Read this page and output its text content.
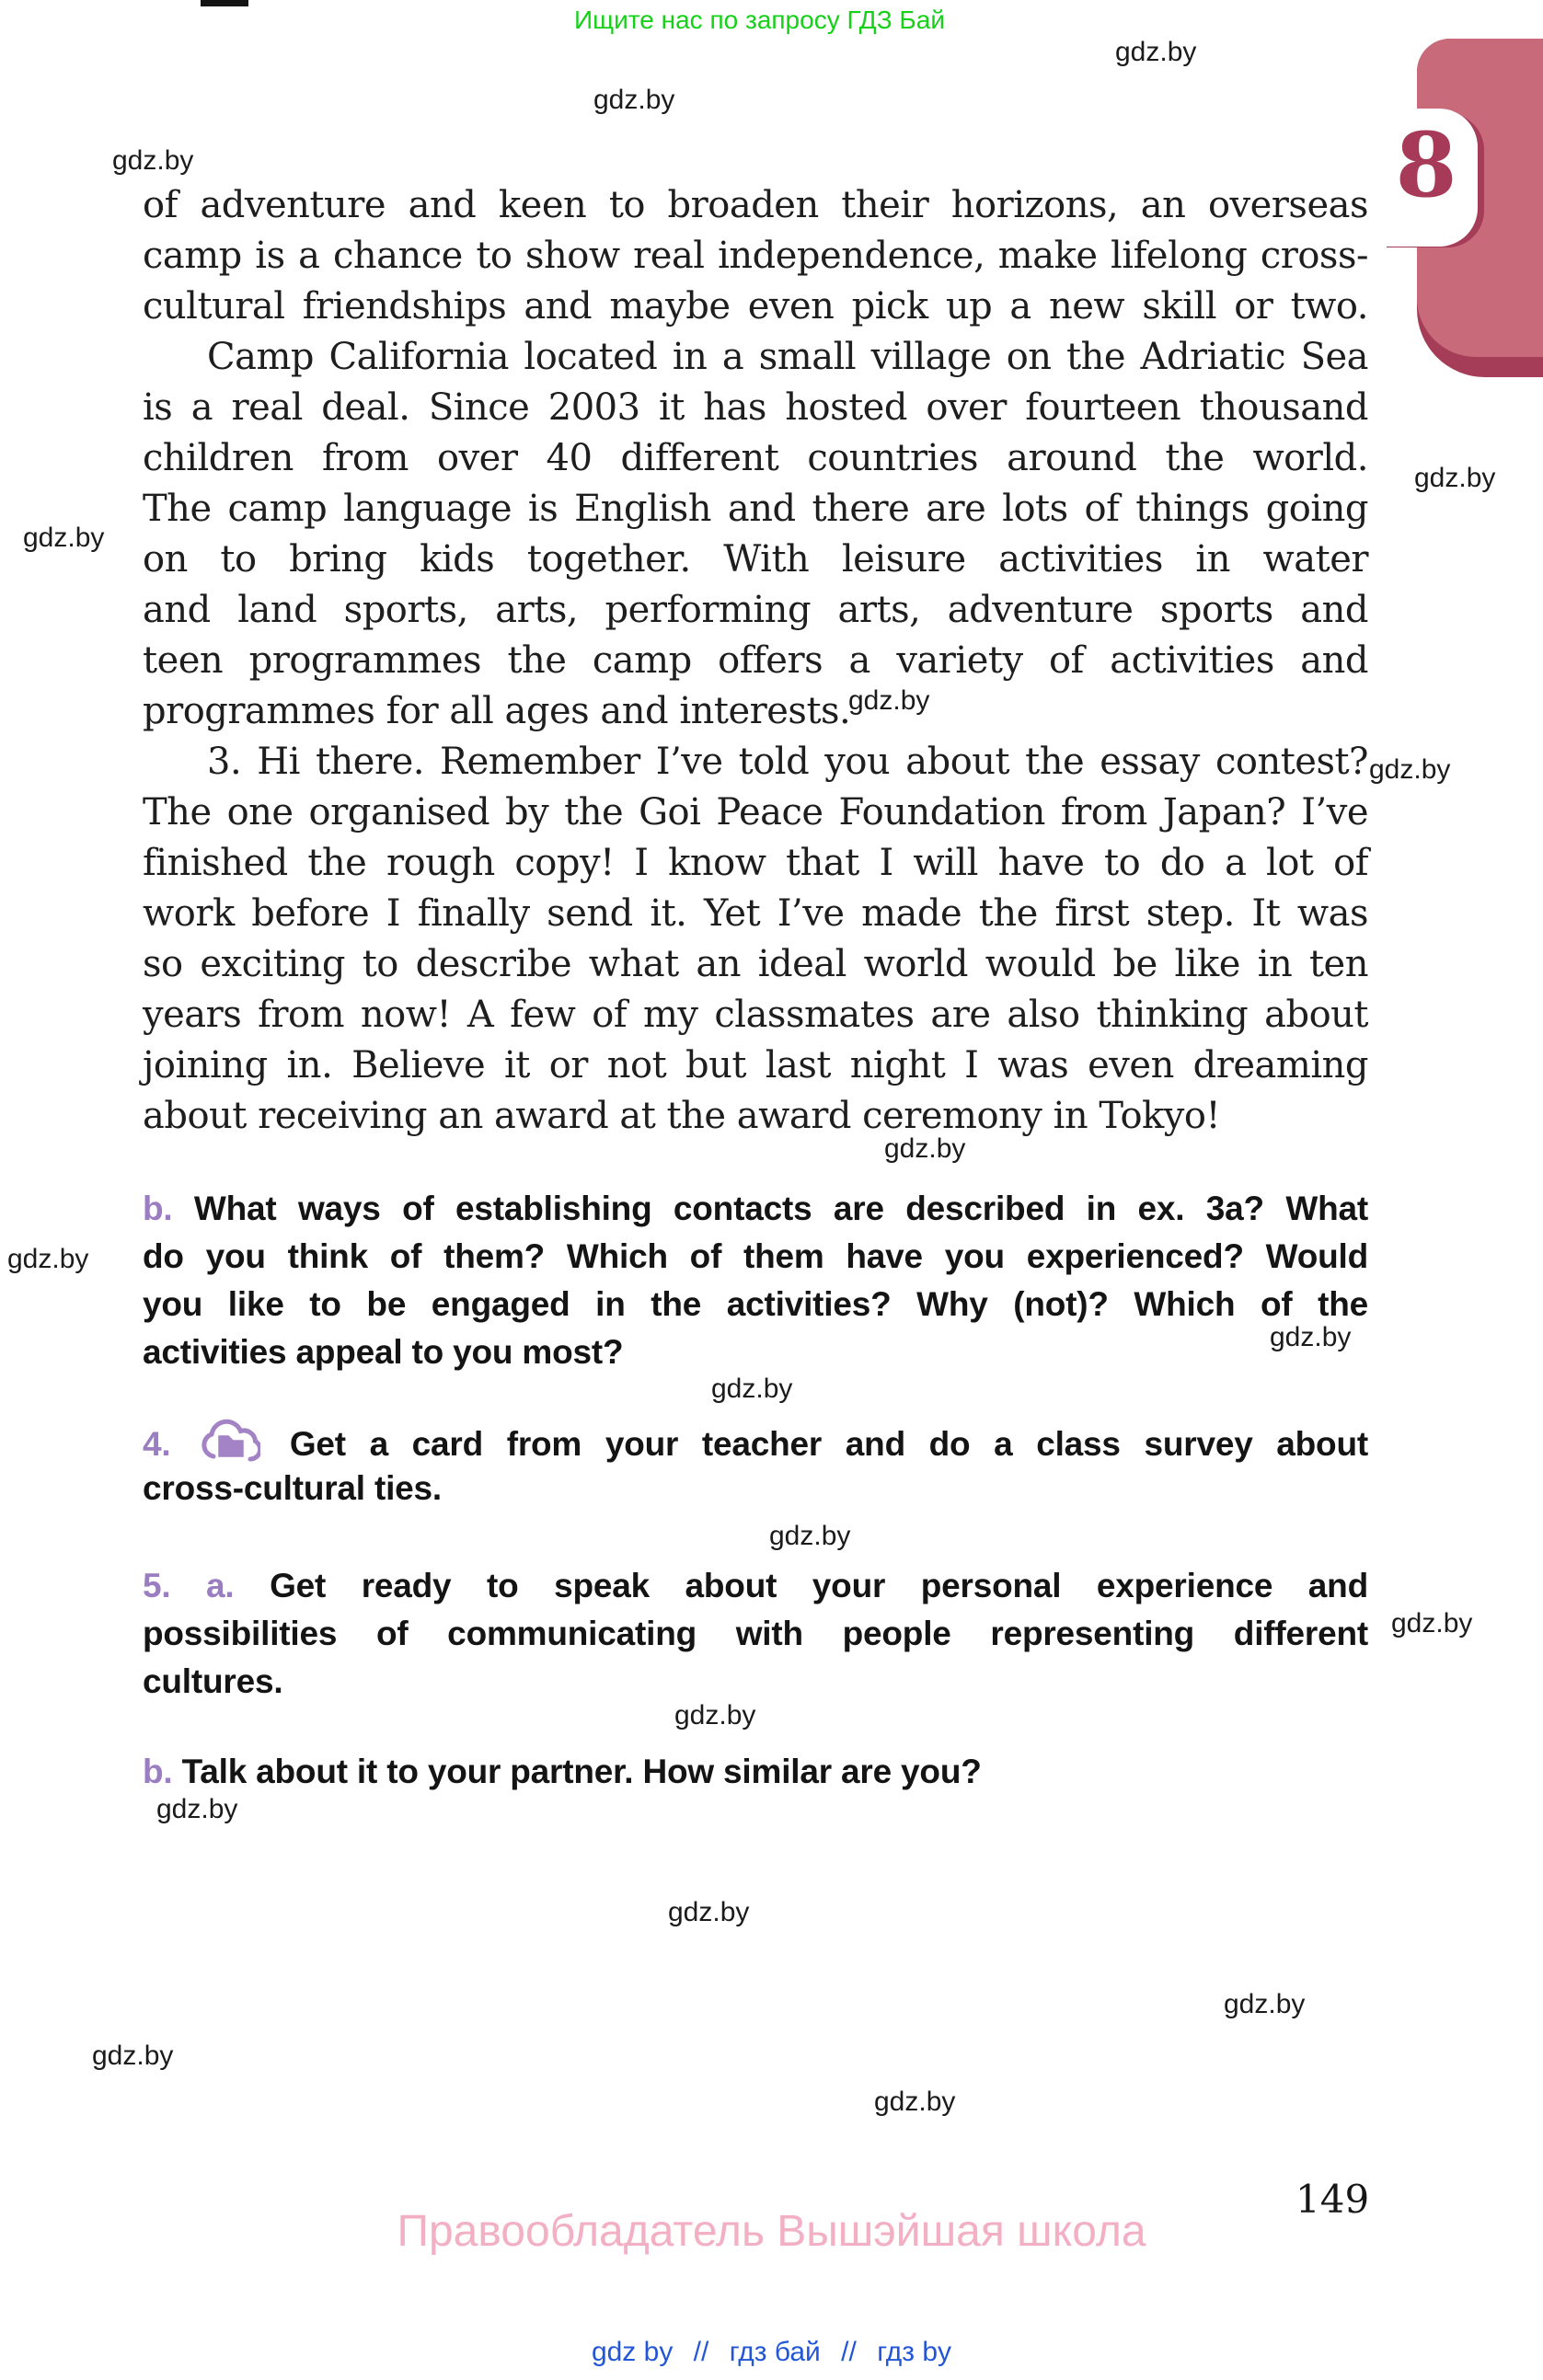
Ищите нас по запросу ГДЗ Бай
8
gdz.by
gdz.by
gdz.by
gdz.by
gdz.by
gdz.by
gdz.by
gdz.by
gdz.by
gdz.by
gdz.by
gdz.by
gdz.by
gdz.by
gdz.by
gdz.by
gdz.by
gdz.by
gdz.by
of adventure and keen to broaden their horizons, an overseas
camp is a chance to show real independence, make lifelong cross-
cultural friendships and maybe even pick up a new skill or two.
Camp California located in a small village on the Adriatic Sea
is a real deal. Since 2003 it has hosted over fourteen thousand
children from over 40 different countries around the world.
The camp language is English and there are lots of things going
on to bring kids together. With leisure activities in water
and land sports, arts, performing arts, adventure sports and
teen programmes the camp offers a variety of activities and
programmes for all ages and interests.
3. Hi there. Remember I’ve told you about the essay contest?
The one organised by the Goi Peace Foundation from Japan? I’ve
finished the rough copy! I know that I will have to do a lot of
work before I finally send it. Yet I’ve made the first step. It was
so exciting to describe what an ideal world would be like in ten
years from now! A few of my classmates are also thinking about
joining in. Believe it or not but last night I was even dreaming
about receiving an award at the award ceremony in Tokyo!
b. What ways of establishing contacts are described in ex. 3a? What
do you think of them? Which of them have you experienced? Would
you like to be engaged in the activities? Why (not)? Which of the
activities appeal to you most?
4.	Get a card from your teacher and do a class survey about
cross-cultural ties.
5. a. Get ready to speak about your personal experience and
possibilities of communicating with people representing different
cultures.
b. Talk about it to your partner. How similar are you?
Правообладатель Вышэйшая школа
149
gdz by // гдз бай // гдз by
